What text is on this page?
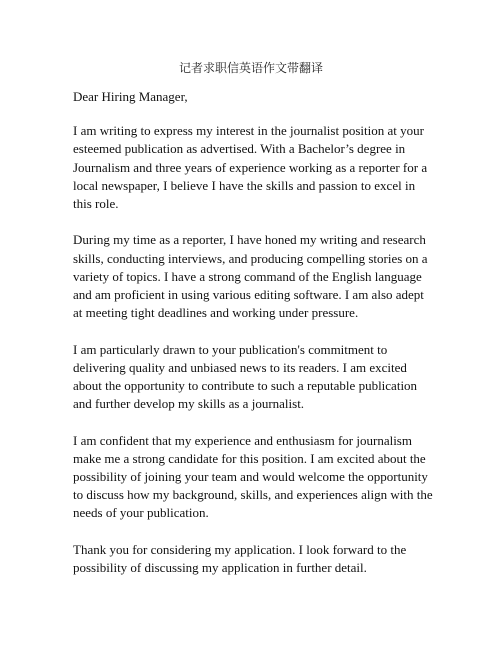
记者求职信英语作文带翻译

Dear Hiring Manager,

I am writing to express my interest in the journalist position at your esteemed publication as advertised. With a Bachelor’s degree in Journalism and three years of experience working as a reporter for a local newspaper, I believe I have the skills and passion to excel in this role.

During my time as a reporter, I have honed my writing and research skills, conducting interviews, and producing compelling stories on a variety of topics. I have a strong command of the English language and am proficient in using various editing software. I am also adept at meeting tight deadlines and working under pressure.

I am particularly drawn to your publication's commitment to delivering quality and unbiased news to its readers. I am excited about the opportunity to contribute to such a reputable publication and further develop my skills as a journalist.

I am confident that my experience and enthusiasm for journalism make me a strong candidate for this position. I am excited about the possibility of joining your team and would welcome the opportunity to discuss how my background, skills, and experiences align with the needs of your publication.

Thank you for considering my application. I look forward to the possibility of discussing my application in further detail.
